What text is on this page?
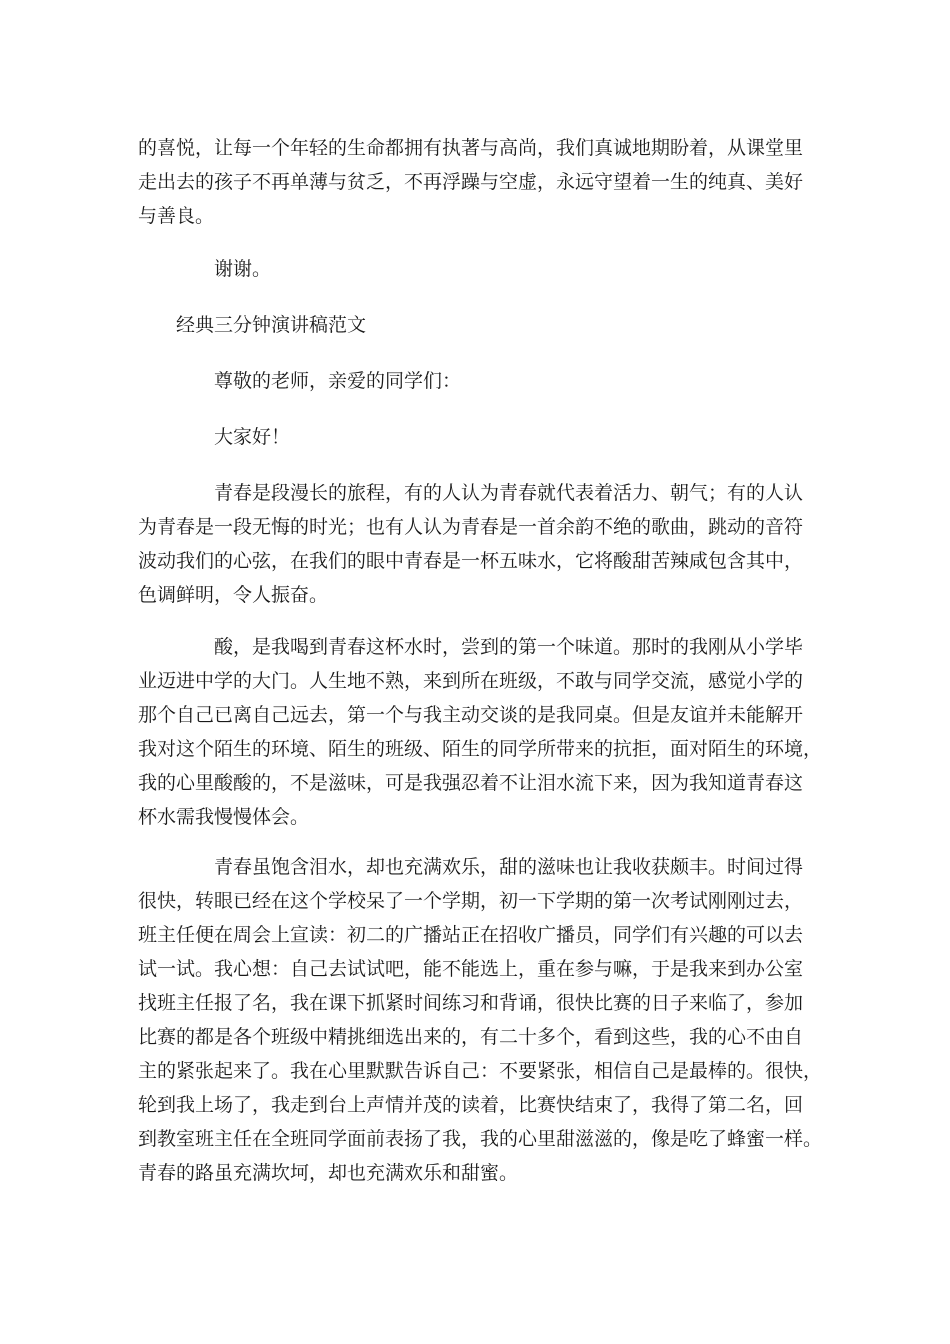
的喜悦，让每一个年轻的生命都拥有执著与高尚，我们真诚地期盼着，从课堂里
走出去的孩子不再单薄与贫乏，不再浮躁与空虚，永远守望着一生的纯真、美好
与善良。

谢谢。

经典三分钟演讲稿范文

尊敬的老师，亲爱的同学们：

大家好！

青春是段漫长的旅程，有的人认为青春就代表着活力、朝气；有的人认
为青春是一段无悔的时光；也有人认为青春是一首余韵不绝的歌曲，跳动的音符
波动我们的心弦，在我们的眼中青春是一杯五味水，它将酸甜苦辣咸包含其中，
色调鲜明，令人振奋。

酸，是我喝到青春这杯水时，尝到的第一个味道。那时的我刚从小学毕
业迈进中学的大门。人生地不熟，来到所在班级，不敢与同学交流，感觉小学的
那个自己已离自己远去，第一个与我主动交谈的是我同桌。但是友谊并未能解开
我对这个陌生的环境、陌生的班级、陌生的同学所带来的抗拒，面对陌生的环境，
我的心里酸酸的，不是滋味，可是我强忍着不让泪水流下来，因为我知道青春这
杯水需我慢慢体会。

青春虽饱含泪水，却也充满欢乐，甜的滋味也让我收获颇丰。时间过得
很快，转眼已经在这个学校呆了一个学期，初一下学期的第一次考试刚刚过去，
班主任便在周会上宣读：初二的广播站正在招收广播员，同学们有兴趣的可以去
试一试。我心想：自己去试试吧，能不能选上，重在参与嘛，于是我来到办公室
找班主任报了名，我在课下抓紧时间练习和背诵，很快比赛的日子来临了，参加
比赛的都是各个班级中精挑细选出来的，有二十多个，看到这些，我的心不由自
主的紧张起来了。我在心里默默告诉自己：不要紧张，相信自己是最棒的。很快，
轮到我上场了，我走到台上声情并茂的读着，比赛快结束了，我得了第二名，回
到教室班主任在全班同学面前表扬了我，我的心里甜滋滋的，像是吃了蜂蜜一样。
青春的路虽充满坎坷，却也充满欢乐和甜蜜。
